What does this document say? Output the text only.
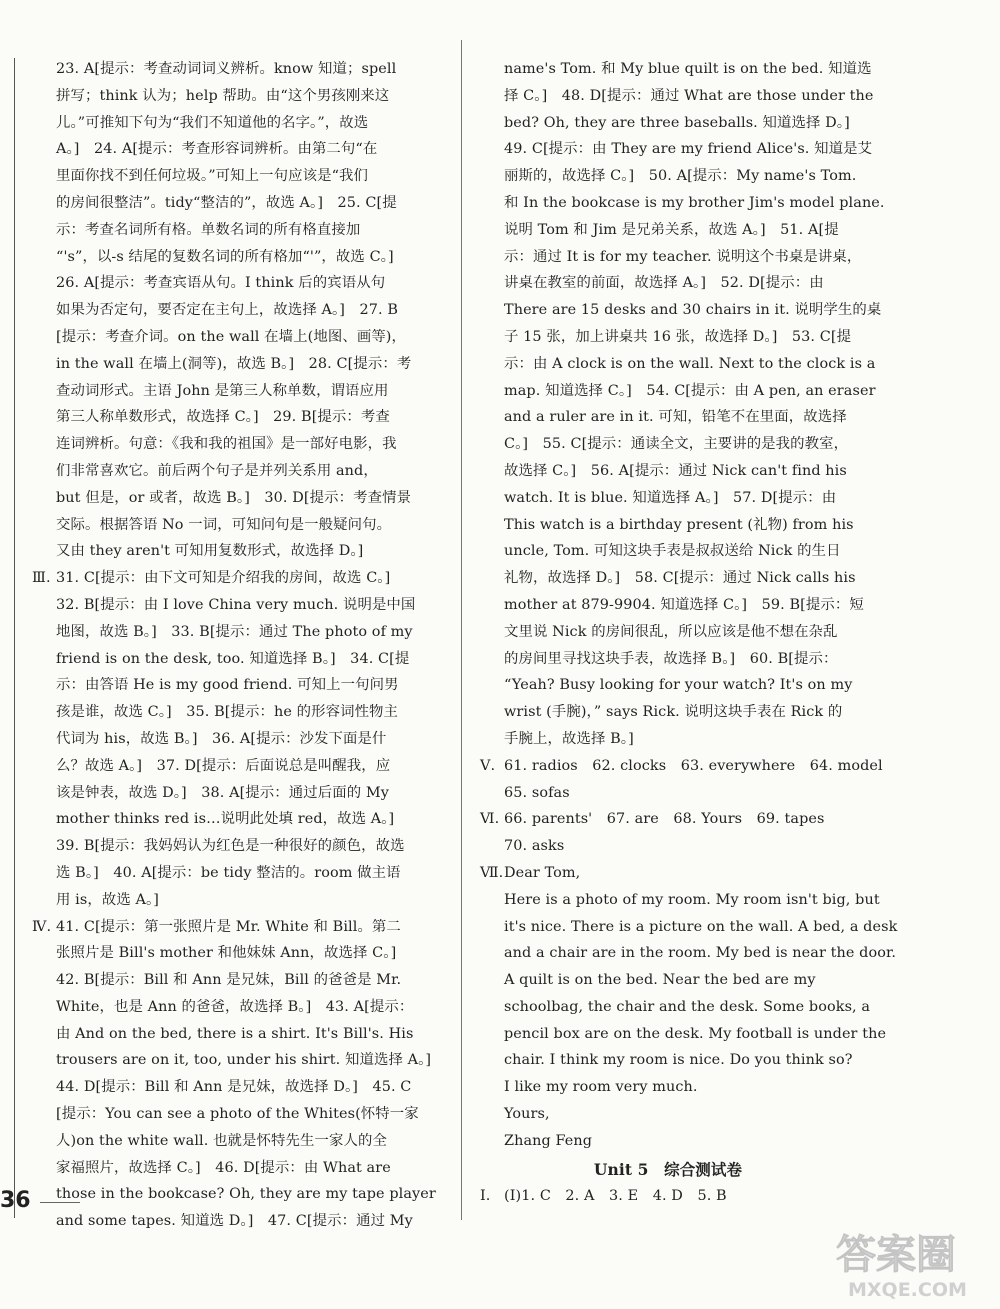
23. A[提示：考查动词词义辨析。know 知道；spell
拼写；think 认为；help 帮助。由“这个男孩刚来这
儿。”可推知下句为“我们不知道他的名字。”，故选
A。]　24. A[提示：考查形容词辨析。由第二句“在
里面你找不到任何垃圾。”可知上一句应该是“我们
的房间很整洁”。tidy“整洁的”，故选 A。]　25. C[提
示：考查名词所有格。单数名词的所有格直接加
“'s”，以-s 结尾的复数名词的所有格加“'”，故选 C。]
26. A[提示：考查宾语从句。I think 后的宾语从句
如果为否定句，要否定在主句上，故选择 A。]　27. B
[提示：考查介词。on the wall 在墙上(地图、画等)，
in the wall 在墙上(洞等)，故选 B。]　28. C[提示：考
查动词形式。主语 John 是第三人称单数，谓语应用
第三人称单数形式，故选择 C。]　29. B[提示：考查
连词辨析。句意：《我和我的祖国》是一部好电影，我
们非常喜欢它。前后两个句子是并列关系用 and，
but 但是，or 或者，故选 B。]　30. D[提示：考查情景
交际。根据答语 No 一词，可知问句是一般疑问句。
又由 they aren't 可知用复数形式，故选择 D。]
Ⅲ. 31. C[提示：由下文可知是介绍我的房间，故选 C。]
32. B[提示：由 I love China very much. 说明是中国
地图，故选 B。]　33. B[提示：通过 The photo of my
friend is on the desk, too. 知道选择 B。]　34. C[提
示：由答语 He is my good friend. 可知上一句问男
孩是谁，故选 C。]　35. B[提示：he 的形容词性物主
代词为 his，故选 B。]　36. A[提示：沙发下面是什
么？故选 A。]　37. D[提示：后面说总是叫醒我，应
该是钟表，故选 D。]　38. A[提示：通过后面的 My
mother thinks red is…说明此处填 red，故选 A。]
39. B[提示：我妈妈认为红色是一种很好的颜色，故选
选 B。]　40. A[提示：be tidy 整洁的。room 做主语
用 is，故选 A。]
Ⅳ. 41. C[提示：第一张照片是 Mr. White 和 Bill。第二
张照片是 Bill's mother 和他妹妹 Ann，故选择 C。]
42. B[提示：Bill 和 Ann 是兄妹，Bill 的爸爸是 Mr.
White，也是 Ann 的爸爸，故选择 B。]　43. A[提示：
由 And on the bed, there is a shirt. It's Bill's. His
trousers are on it, too, under his shirt. 知道选择 A。]
44. D[提示：Bill 和 Ann 是兄妹，故选择 D。]　45. C
[提示：You can see a photo of the Whites(怀特一家
人)on the white wall. 也就是怀特先生一家人的全
家福照片，故选择 C。]　46. D[提示：由 What are
those in the bookcase? Oh, they are my tape player
and some tapes. 知道选 D。]　47. C[提示：通过 My
name's Tom. 和 My blue quilt is on the bed. 知道选
择 C。]　48. D[提示：通过 What are those under the
bed? Oh, they are three baseballs. 知道选择 D。]
49. C[提示：由 They are my friend Alice's. 知道是艾
丽斯的，故选择 C。]　50. A[提示：My name's Tom.
和 In the bookcase is my brother Jim's model plane.
说明 Tom 和 Jim 是兄弟关系，故选 A。]　51. A[提
示：通过 It is for my teacher. 说明这个书桌是讲桌，
讲桌在教室的前面，故选择 A。]　52. D[提示：由
There are 15 desks and 30 chairs in it. 说明学生的桌
子 15 张，加上讲桌共 16 张，故选择 D。]　53. C[提
示：由 A clock is on the wall. Next to the clock is a
map. 知道选择 C。]　54. C[提示：由 A pen, an eraser
and a ruler are in it. 可知，铅笔不在里面，故选择
C。]　55. C[提示：通读全文，主要讲的是我的教室，
故选择 C。]　56. A[提示：通过 Nick can't find his
watch. It is blue. 知道选择 A。]　57. D[提示：由
This watch is a birthday present (礼物) from his
uncle, Tom. 可知这块手表是叔叔送给 Nick 的生日
礼物，故选择 D。]　58. C[提示：通过 Nick calls his
mother at 879-9904. 知道选择 C。]　59. B[提示：短
文里说 Nick 的房间很乱，所以应该是他不想在杂乱
的房间里寻找这块手表，故选择 B。]　60. B[提示：
“Yeah? Busy looking for your watch? It's on my
wrist (手腕)，” says Rick. 说明这块手表在 Rick 的
手腕上，故选择 B。]
Ⅴ. 61. radios　62. clocks　63. everywhere　64. model
65. sofas
Ⅵ. 66. parents'　67. are　68. Yours　69. tapes
70. asks
Ⅶ.Dear Tom,
Here is a photo of my room. My room isn't big, but
it's nice. There is a picture on the wall. A bed, a desk
and a chair are in the room. My bed is near the door.
A quilt is on the bed. Near the bed are my
schoolbag, the chair and the desk. Some books, a
pencil box are on the desk. My football is under the
chair. I think my room is nice. Do you think so?
I like my room very much.
Yours,
Zhang Feng
Unit 5　综合测试卷
Ⅰ. (Ⅰ)1. C　2. A　3. E　4. D　5. B
36
答案圈
MXQE.COM
